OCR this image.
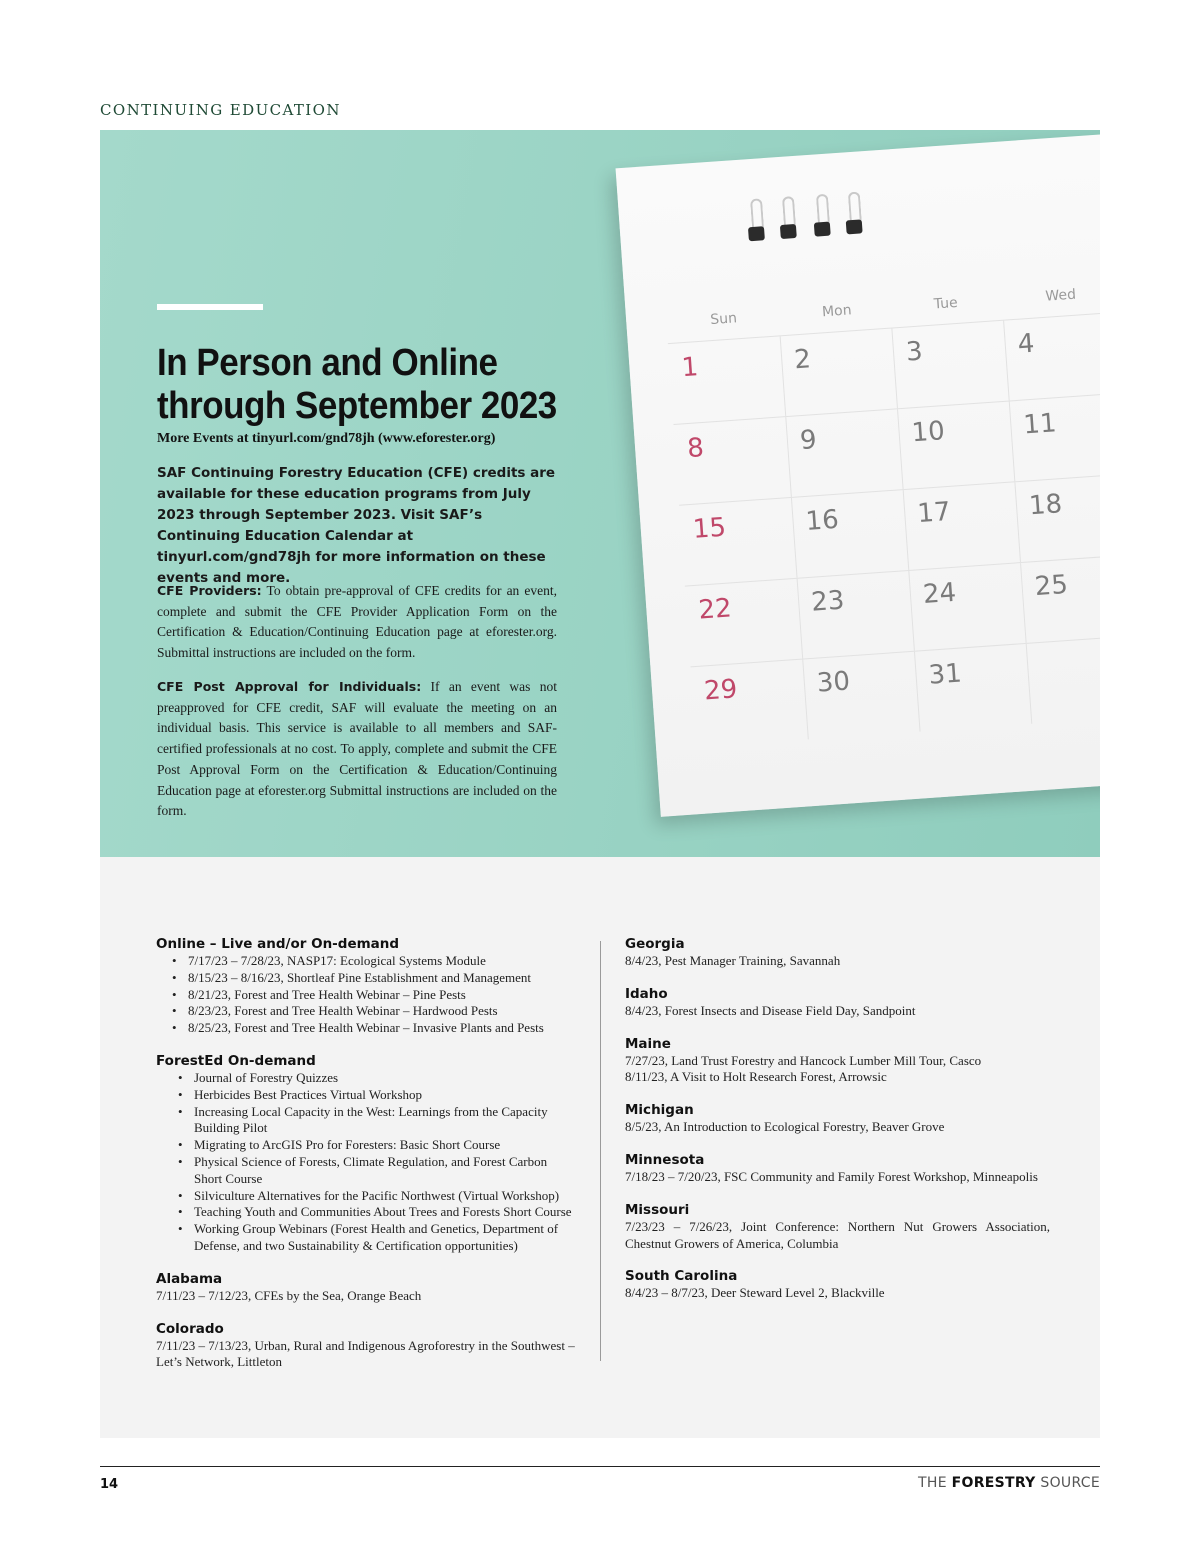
CONTINUING EDUCATION
Sun	Mon	Tue	Wed
1	2	3	4
8	9	10	11
15	16	17	18
22	23	24	25
29	30	31
In Person and Online through September 2023
More Events at tinyurl.com/gnd78jh (www.eforester.org)
SAF Continuing Forestry Education (CFE) credits are available for these education programs from July 2023 through September 2023. Visit SAF’s Continuing Education Calendar at tinyurl.com/gnd78jh for more information on these events and more.
CFE Providers: To obtain pre-approval of CFE credits for an event, complete and submit the CFE Provider Application Form on the Certification & Education/Continuing Education page at eforester.org. Submittal instructions are included on the form.
CFE Post Approval for Individuals: If an event was not preapproved for CFE credit, SAF will evaluate the meeting on an individual basis. This service is available to all members and SAF-certified professionals at no cost. To apply, complete and submit the CFE Post Approval Form on the Certification & Education/Continuing Education page at eforester.org Submittal instructions are included on the form.

Online – Live and/or On-demand

• 7/17/23 – 7/28/23, NASP17: Ecological Systems Module
• 8/15/23 – 8/16/23, Shortleaf Pine Establishment and Management
• 8/21/23, Forest and Tree Health Webinar – Pine Pests
• 8/23/23, Forest and Tree Health Webinar – Hardwood Pests
• 8/25/23, Forest and Tree Health Webinar – Invasive Plants and Pests

ForestEd On-demand

• Journal of Forestry Quizzes
• Herbicides Best Practices Virtual Workshop
• Increasing Local Capacity in the West: Learnings from the Capacity Building Pilot
• Migrating to ArcGIS Pro for Foresters: Basic Short Course
• Physical Science of Forests, Climate Regulation, and Forest Carbon Short Course
• Silviculture Alternatives for the Pacific Northwest (Virtual Workshop)
• Teaching Youth and Communities About Trees and Forests Short Course
• Working Group Webinars (Forest Health and Genetics, Department of Defense, and two Sustainability & Certification opportunities)

Alabama

7/11/23 – 7/12/23, CFEs by the Sea, Orange Beach

Colorado

7/11/23 – 7/13/23, Urban, Rural and Indigenous Agroforestry in the Southwest – Let’s Network, Littleton

Georgia

8/4/23, Pest Manager Training, Savannah

Idaho

8/4/23, Forest Insects and Disease Field Day, Sandpoint

Maine

7/27/23, Land Trust Forestry and Hancock Lumber Mill Tour, Casco

8/11/23, A Visit to Holt Research Forest, Arrowsic

Michigan

8/5/23, An Introduction to Ecological Forestry, Beaver Grove

Minnesota

7/18/23 – 7/20/23, FSC Community and Family Forest Workshop, Minneapolis

Missouri

7/23/23 – 7/26/23, Joint Conference: Northern Nut Growers Association, Chestnut Growers of America, Columbia

South Carolina

8/4/23 – 8/7/23, Deer Steward Level 2, Blackville

14	THE FORESTRY SOURCE
